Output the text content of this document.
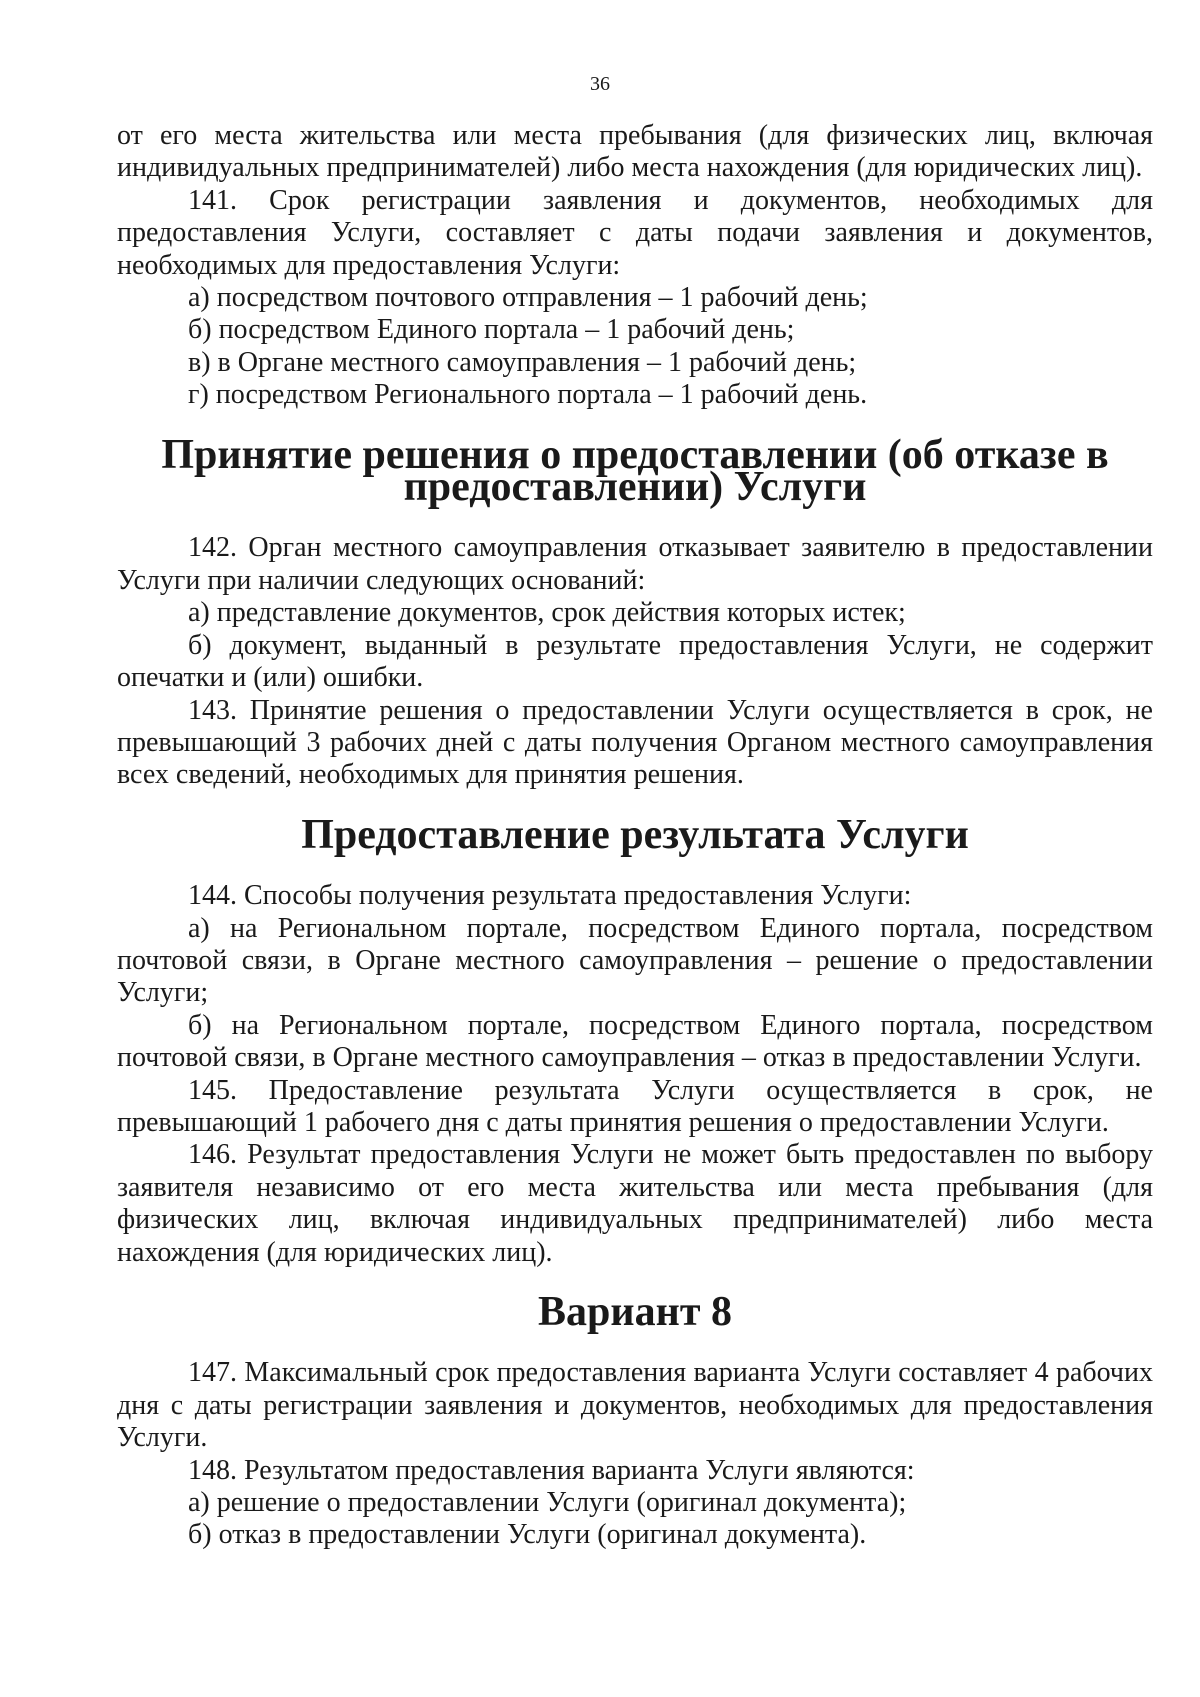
36

от его места жительства или места пребывания (для физических лиц, включая индивидуальных предпринимателей) либо места нахождения (для юридических лиц).

141. Срок регистрации заявления и документов, необходимых для предоставления Услуги, составляет с даты подачи заявления и документов, необходимых для предоставления Услуги:

а) посредством почтового отправления – 1 рабочий день;

б) посредством Единого портала – 1 рабочий день;

в) в Органе местного самоуправления – 1 рабочий день;

г) посредством Регионального портала – 1 рабочий день.

Принятие решения о предоставлении (об отказе в предоставлении) Услуги

142. Орган местного самоуправления отказывает заявителю в предоставлении Услуги при наличии следующих оснований:

а) представление документов, срок действия которых истек;

б) документ, выданный в результате предоставления Услуги, не содержит опечатки и (или) ошибки.

143. Принятие решения о предоставлении Услуги осуществляется в срок, не превышающий 3 рабочих дней с даты получения Органом местного самоуправления всех сведений, необходимых для принятия решения.

Предоставление результата Услуги

144. Способы получения результата предоставления Услуги:

а) на Региональном портале, посредством Единого портала, посредством почтовой связи, в Органе местного самоуправления – решение о предоставлении Услуги;

б) на Региональном портале, посредством Единого портала, посредством почтовой связи, в Органе местного самоуправления – отказ в предоставлении Услуги.

145. Предоставление результата Услуги осуществляется в срок, не превышающий 1 рабочего дня с даты принятия решения о предоставлении Услуги.

146. Результат предоставления Услуги не может быть предоставлен по выбору заявителя независимо от его места жительства или места пребывания (для физических лиц, включая индивидуальных предпринимателей) либо места нахождения (для юридических лиц).

Вариант 8

147. Максимальный срок предоставления варианта Услуги составляет 4 рабочих дня с даты регистрации заявления и документов, необходимых для предоставления Услуги.

148. Результатом предоставления варианта Услуги являются:

а) решение о предоставлении Услуги (оригинал документа);

б) отказ в предоставлении Услуги (оригинал документа).
